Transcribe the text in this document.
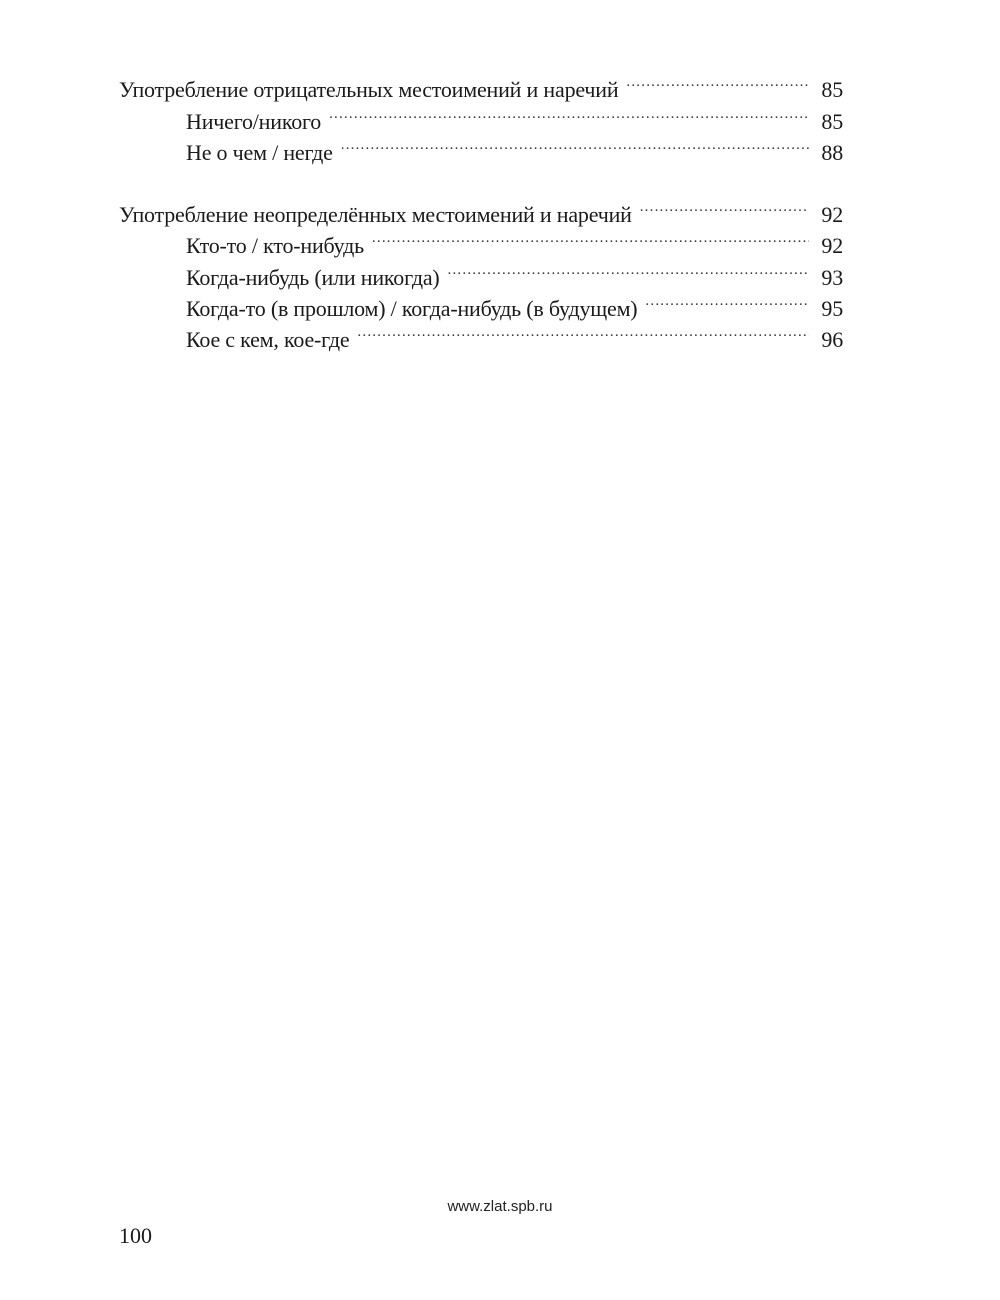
Употребление отрицательных местоимений и наречий .....	85
Ничего/никого .....	85
Не о чем / негде .....	88
Употребление неопределённых местоимений и наречий .....	92
Кто-то / кто-нибудь .....	92
Когда-нибудь (или никогда) .....	93
Когда-то (в прошлом) / когда-нибудь (в будущем) .....	95
Кое с кем, кое-где .....	96
www.zlat.spb.ru
100
